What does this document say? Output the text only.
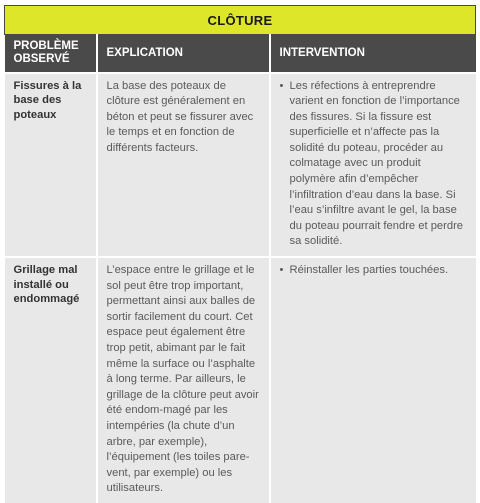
CLÔTURE		
PROBLÈME OBSERVÉ	EXPLICATION	INTERVENTION
Fissures à la base des poteaux	La base des poteaux de clôture est généralement en béton et peut se fissurer avec le temps et en fonction de différents facteurs.	• Les réfections à entreprendre varient en fonction de l’importance des fissures. Si la fissure est superficielle et n’affecte pas la solidité du poteau, procéder au colmatage avec un produit polymère afin d’empêcher l’infiltration d’eau dans la base. Si l’eau s’infiltre avant le gel, la base du poteau pourrait fendre et perdre sa solidité.

Grillage mal installé ou endommagé	L’espace entre le grillage et le sol peut être trop important, permettant ainsi aux balles de sortir facilement du court. Cet espace peut également être trop petit, abimant par le fait même la surface ou l’asphalte à long terme. Par ailleurs, le grillage de la clôture peut avoir été endom-magé par les intempéries (la chute d’un arbre, par exemple), l’équipement (les toiles pare-vent, par exemple) ou les utilisateurs.	• Réinstaller les parties touchées.
